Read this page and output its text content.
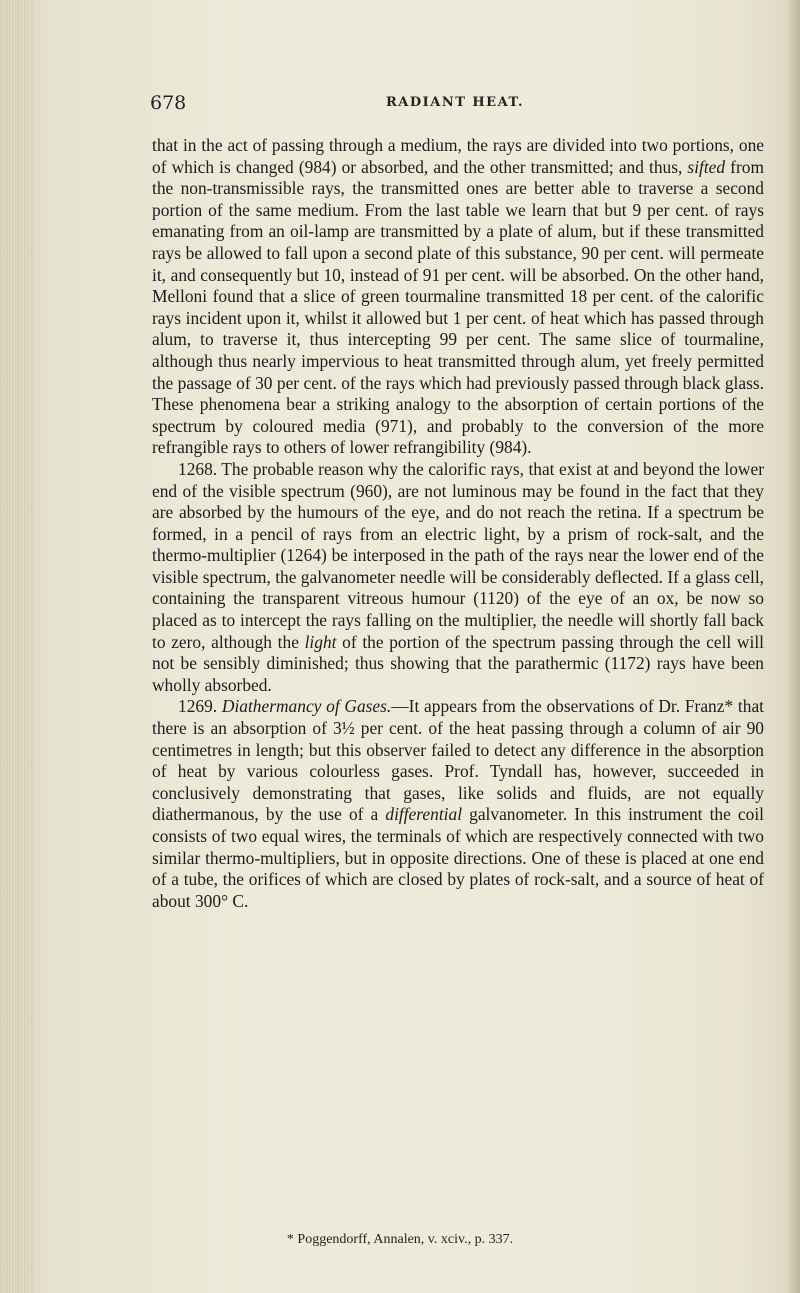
678	RADIANT HEAT.

that in the act of passing through a medium, the rays are divided into two portions, one of which is changed (984) or absorbed, and the other transmitted; and thus, sifted from the non-transmissible rays, the transmitted ones are better able to traverse a second portion of the same medium. From the last table we learn that but 9 per cent. of rays emanating from an oil-lamp are transmitted by a plate of alum, but if these transmitted rays be allowed to fall upon a second plate of this substance, 90 per cent. will permeate it, and consequently but 10, instead of 91 per cent. will be absorbed. On the other hand, Melloni found that a slice of green tourmaline transmitted 18 per cent. of the calorific rays incident upon it, whilst it allowed but 1 per cent. of heat which has passed through alum, to traverse it, thus intercepting 99 per cent. The same slice of tourmaline, although thus nearly impervious to heat transmitted through alum, yet freely permitted the passage of 30 per cent. of the rays which had previously passed through black glass. These phenomena bear a striking analogy to the absorption of certain portions of the spectrum by coloured media (971), and probably to the conversion of the more refrangible rays to others of lower refrangibility (984).

1268. The probable reason why the calorific rays, that exist at and beyond the lower end of the visible spectrum (960), are not luminous may be found in the fact that they are absorbed by the humours of the eye, and do not reach the retina. If a spectrum be formed, in a pencil of rays from an electric light, by a prism of rock-salt, and the thermo-multiplier (1264) be interposed in the path of the rays near the lower end of the visible spectrum, the galvanometer needle will be considerably deflected. If a glass cell, containing the transparent vitreous humour (1120) of the eye of an ox, be now so placed as to intercept the rays falling on the multiplier, the needle will shortly fall back to zero, although the light of the portion of the spectrum passing through the cell will not be sensibly diminished; thus showing that the parathermic (1172) rays have been wholly absorbed.

1269. Diathermancy of Gases.—It appears from the observations of Dr. Franz* that there is an absorption of 3½ per cent. of the heat passing through a column of air 90 centimetres in length; but this observer failed to detect any difference in the absorption of heat by various colourless gases. Prof. Tyndall has, however, succeeded in conclusively demonstrating that gases, like solids and fluids, are not equally diathermanous, by the use of a differential galvanometer. In this instrument the coil consists of two equal wires, the terminals of which are respectively connected with two similar thermo-multipliers, but in opposite directions. One of these is placed at one end of a tube, the orifices of which are closed by plates of rock-salt, and a source of heat of about 300° C.

* Poggendorff, Annalen, v. xciv., p. 337.
